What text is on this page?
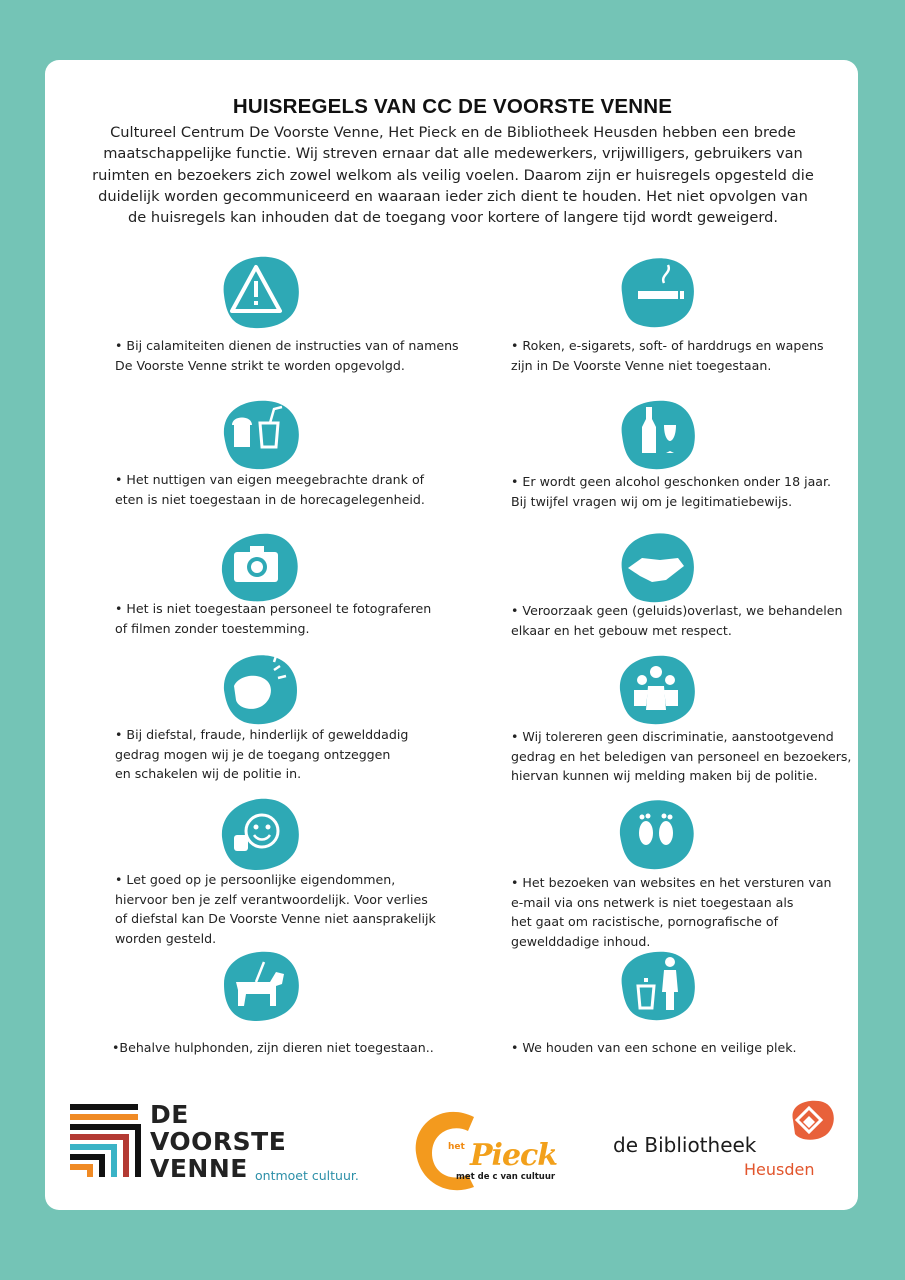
HUISREGELS VAN CC DE VOORSTE VENNE
Cultureel Centrum De Voorste Venne, Het Pieck en de Bibliotheek Heusden hebben een brede maatschappelijke functie. Wij streven ernaar dat alle medewerkers, vrijwilligers, gebruikers van ruimten en bezoekers zich zowel welkom als veilig voelen. Daarom zijn er huisregels opgesteld die duidelijk worden gecommuniceerd en waaraan ieder zich dient te houden. Het niet opvolgen van de huisregels kan inhouden dat de toegang voor kortere of langere tijd wordt geweigerd.
• Bij calamiteiten dienen de instructies van of namens
De Voorste Venne strikt te worden opgevolgd.
• Het nuttigen van eigen meegebrachte drank of
eten is niet toegestaan in de horecagelegenheid.
• Het is niet toegestaan personeel te fotograferen
of filmen zonder toestemming.
• Bij diefstal, fraude, hinderlijk of gewelddadig
gedrag mogen wij je de toegang ontzeggen
en schakelen wij de politie in.
• Let goed op je persoonlijke eigendommen,
hiervoor ben je zelf verantwoordelijk. Voor verlies
of diefstal kan De Voorste Venne niet aansprakelijk
worden gesteld.
•Behalve hulphonden, zijn dieren niet toegestaan..
• Roken, e-sigarets, soft- of harddrugs en wapens
zijn in De Voorste Venne niet toegestaan.
• Er wordt geen alcohol geschonken onder 18 jaar.
Bij twijfel vragen wij om je legitimatiebewijs.
• Veroorzaak geen (geluids)overlast, we behandelen
elkaar en het gebouw met respect.
• Wij tolereren geen discriminatie, aanstootgevend
gedrag en het beledigen van personeel en bezoekers,
hiervan kunnen wij melding maken bij de politie.
• Het bezoeken van websites en het versturen van
e-mail via ons netwerk is niet toegestaan als
het gaat om racistische, pornografische of
gewelddadige inhoud.
• We houden van een schone en veilige plek.
DE
VOORSTE
VENNE ontmoet cultuur.
het Pieck
met de c van cultuur
de Bibliotheek
Heusden
